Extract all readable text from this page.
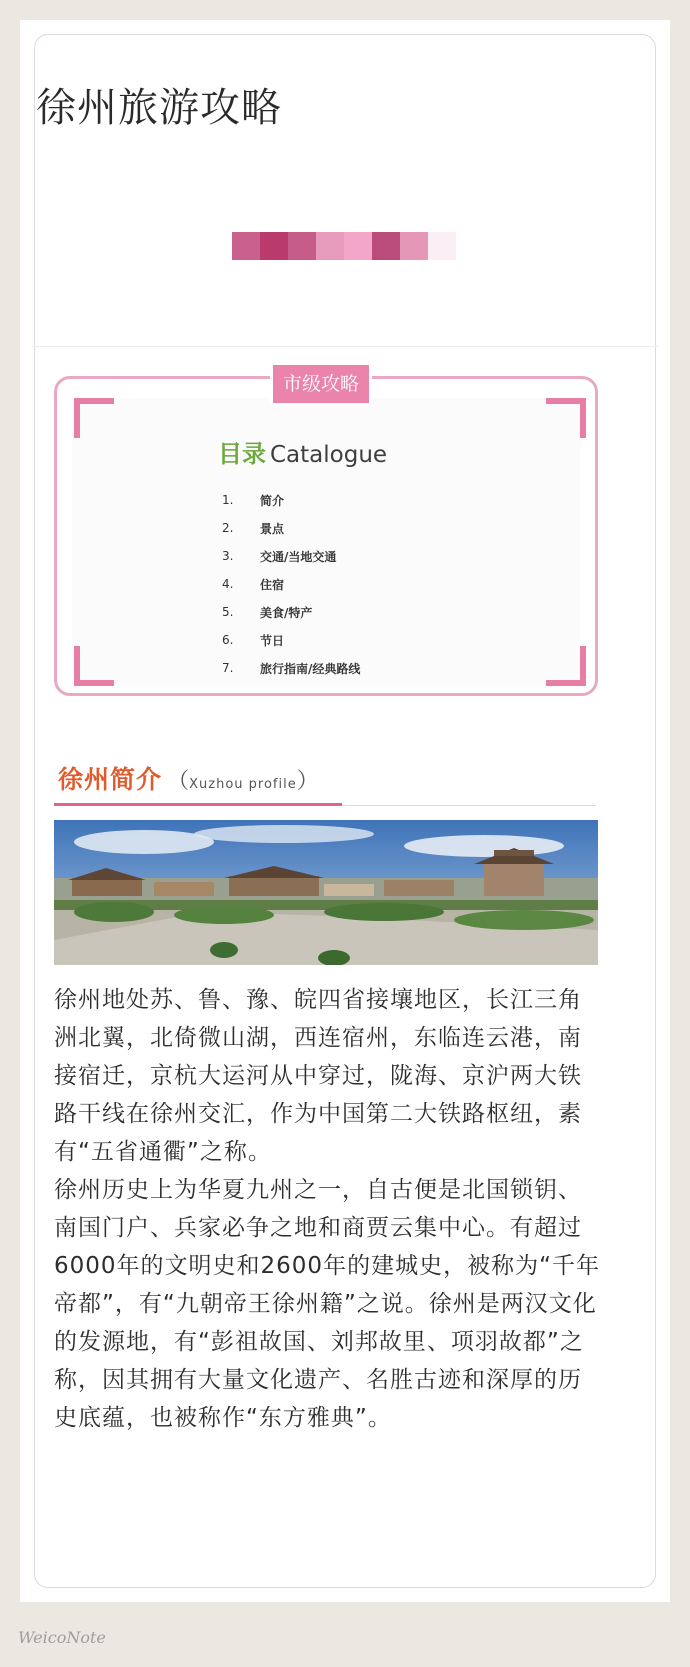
徐州旅游攻略
市级攻略
目录 Catalogue
1.	简介
2.	景点
3.	交通/当地交通
4.	住宿
5.	美食/特产
6.	节日
7.	旅行指南/经典路线
徐州简介 （Xuzhou profile）

徐州地处苏、鲁、豫、皖四省接壤地区，长江三角洲北翼，北倚微山湖，西连宿州，东临连云港，南接宿迁，京杭大运河从中穿过，陇海、京沪两大铁路干线在徐州交汇，作为中国第二大铁路枢纽，素有“五省通衢”之称。

徐州历史上为华夏九州之一，自古便是北国锁钥、南国门户、兵家必争之地和商贾云集中心。有超过6000年的文明史和2600年的建城史，被称为“千年帝都”，有“九朝帝王徐州籍”之说。徐州是两汉文化的发源地，有“彭祖故国、刘邦故里、项羽故都”之称，因其拥有大量文化遗产、名胜古迹和深厚的历史底蕴，也被称作“东方雅典”。

WeicoNote
